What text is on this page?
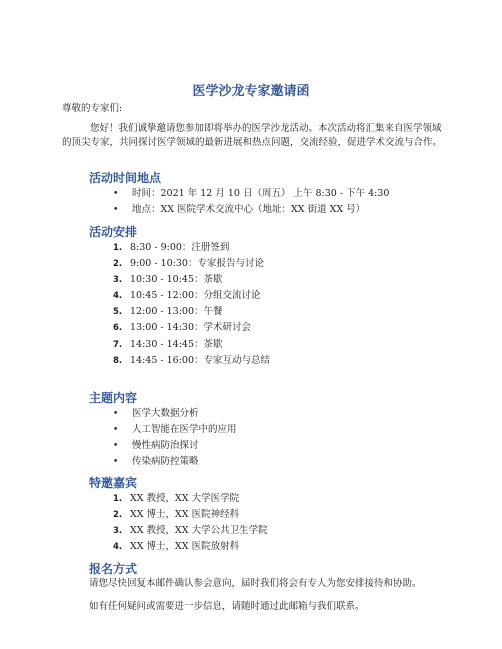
医学沙龙专家邀请函
尊敬的专家们:
您好！我们诚挚邀请您参加即将举办的医学沙龙活动。本次活动将汇集来自医学领域的顶尖专家，共同探讨医学领域的最新进展和热点问题，交流经验，促进学术交流与合作。
活动时间地点
• 时间：2021 年 12 月 10 日（周五） 上午 8:30 - 下午 4:30
• 地点：XX 医院学术交流中心（地址：XX 街道 XX 号）
活动安排
1. 8:30 - 9:00：注册签到
2. 9:00 - 10:30：专家报告与讨论
3. 10:30 - 10:45：茶歇
4. 10:45 - 12:00：分组交流讨论
5. 12:00 - 13:00：午餐
6. 13:00 - 14:30：学术研讨会
7. 14:30 - 14:45：茶歇
8. 14:45 - 16:00：专家互动与总结
主题内容
• 医学大数据分析
• 人工智能在医学中的应用
• 慢性病防治探讨
• 传染病防控策略
特邀嘉宾
1. XX 教授，XX 大学医学院
2. XX 博士，XX 医院神经科
3. XX 教授，XX 大学公共卫生学院
4. XX 博士，XX 医院放射科
报名方式
请您尽快回复本邮件确认参会意向，届时我们将会有专人为您安排接待和协助。
如有任何疑问或需要进一步信息，请随时通过此邮箱与我们联系。
